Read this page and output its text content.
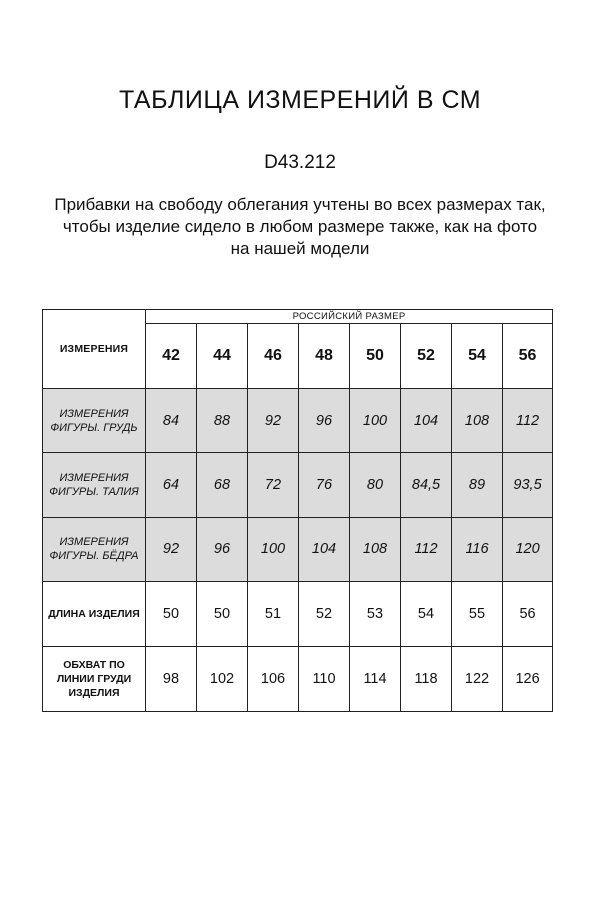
ТАБЛИЦА ИЗМЕРЕНИЙ В СМ
D43.212
Прибавки на свободу облегания учтены во всех размерах так,
чтобы изделие сидело в любом размере также, как на фото
на нашей модели
ИЗМЕРЕНИЯ	РОССИЙСКИЙ РАЗМЕР							
	42	44	46	48	50	52	54	56

ИЗМЕРЕНИЯ
ФИГУРЫ. ГРУДЬ	84	88	92	96	100	104	108	112

ИЗМЕРЕНИЯ
ФИГУРЫ. ТАЛИЯ	64	68	72	76	80	84,5	89	93,5

ИЗМЕРЕНИЯ
ФИГУРЫ. БЁДРА	92	96	100	104	108	112	116	120

ДЛИНА ИЗДЕЛИЯ	50	50	51	52	53	54	55	56

ОБХВАТ ПО
ЛИНИИ ГРУДИ
ИЗДЕЛИЯ	98	102	106	110	114	118	122	126
